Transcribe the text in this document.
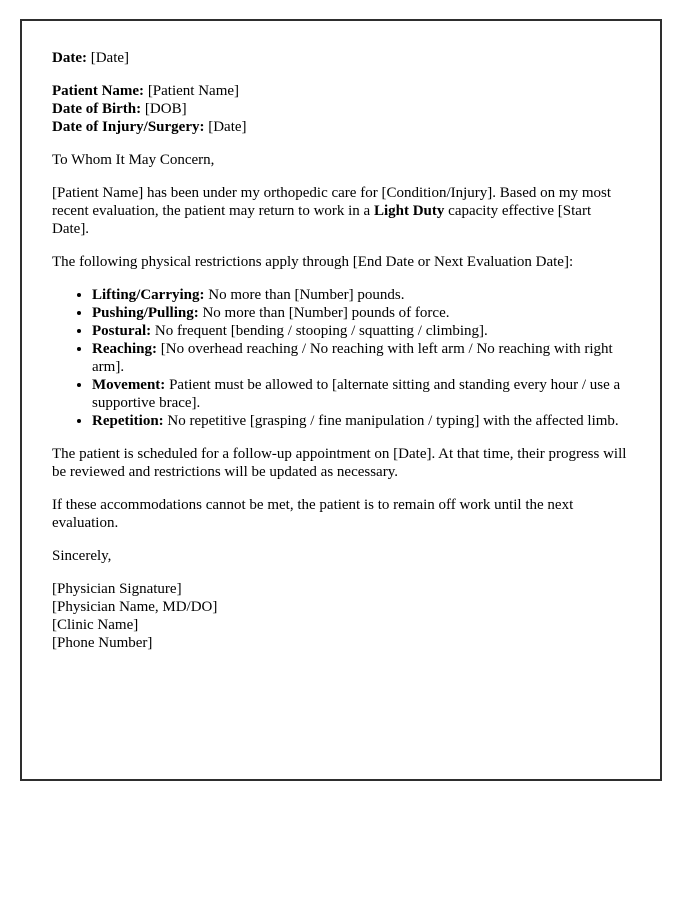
Date: [Date]

Patient Name: [Patient Name]

Date of Birth: [DOB]

Date of Injury/Surgery: [Date]

To Whom It May Concern,

[Patient Name] has been under my orthopedic care for [Condition/Injury]. Based on my most recent evaluation, the patient may return to work in a Light Duty capacity effective [Start Date].

The following physical restrictions apply through [End Date or Next Evaluation Date]:

• Lifting/Carrying: No more than [Number] pounds.
• Pushing/Pulling: No more than [Number] pounds of force.
• Postural: No frequent [bending / stooping / squatting / climbing].
• Reaching: [No overhead reaching / No reaching with left arm / No reaching with right arm].
• Movement: Patient must be allowed to [alternate sitting and standing every hour / use a supportive brace].
• Repetition: No repetitive [grasping / fine manipulation / typing] with the affected limb.

The patient is scheduled for a follow-up appointment on [Date]. At that time, their progress will be reviewed and restrictions will be updated as necessary.

If these accommodations cannot be met, the patient is to remain off work until the next evaluation.

Sincerely,

[Physician Signature]

[Physician Name, MD/DO]

[Clinic Name]

[Phone Number]
